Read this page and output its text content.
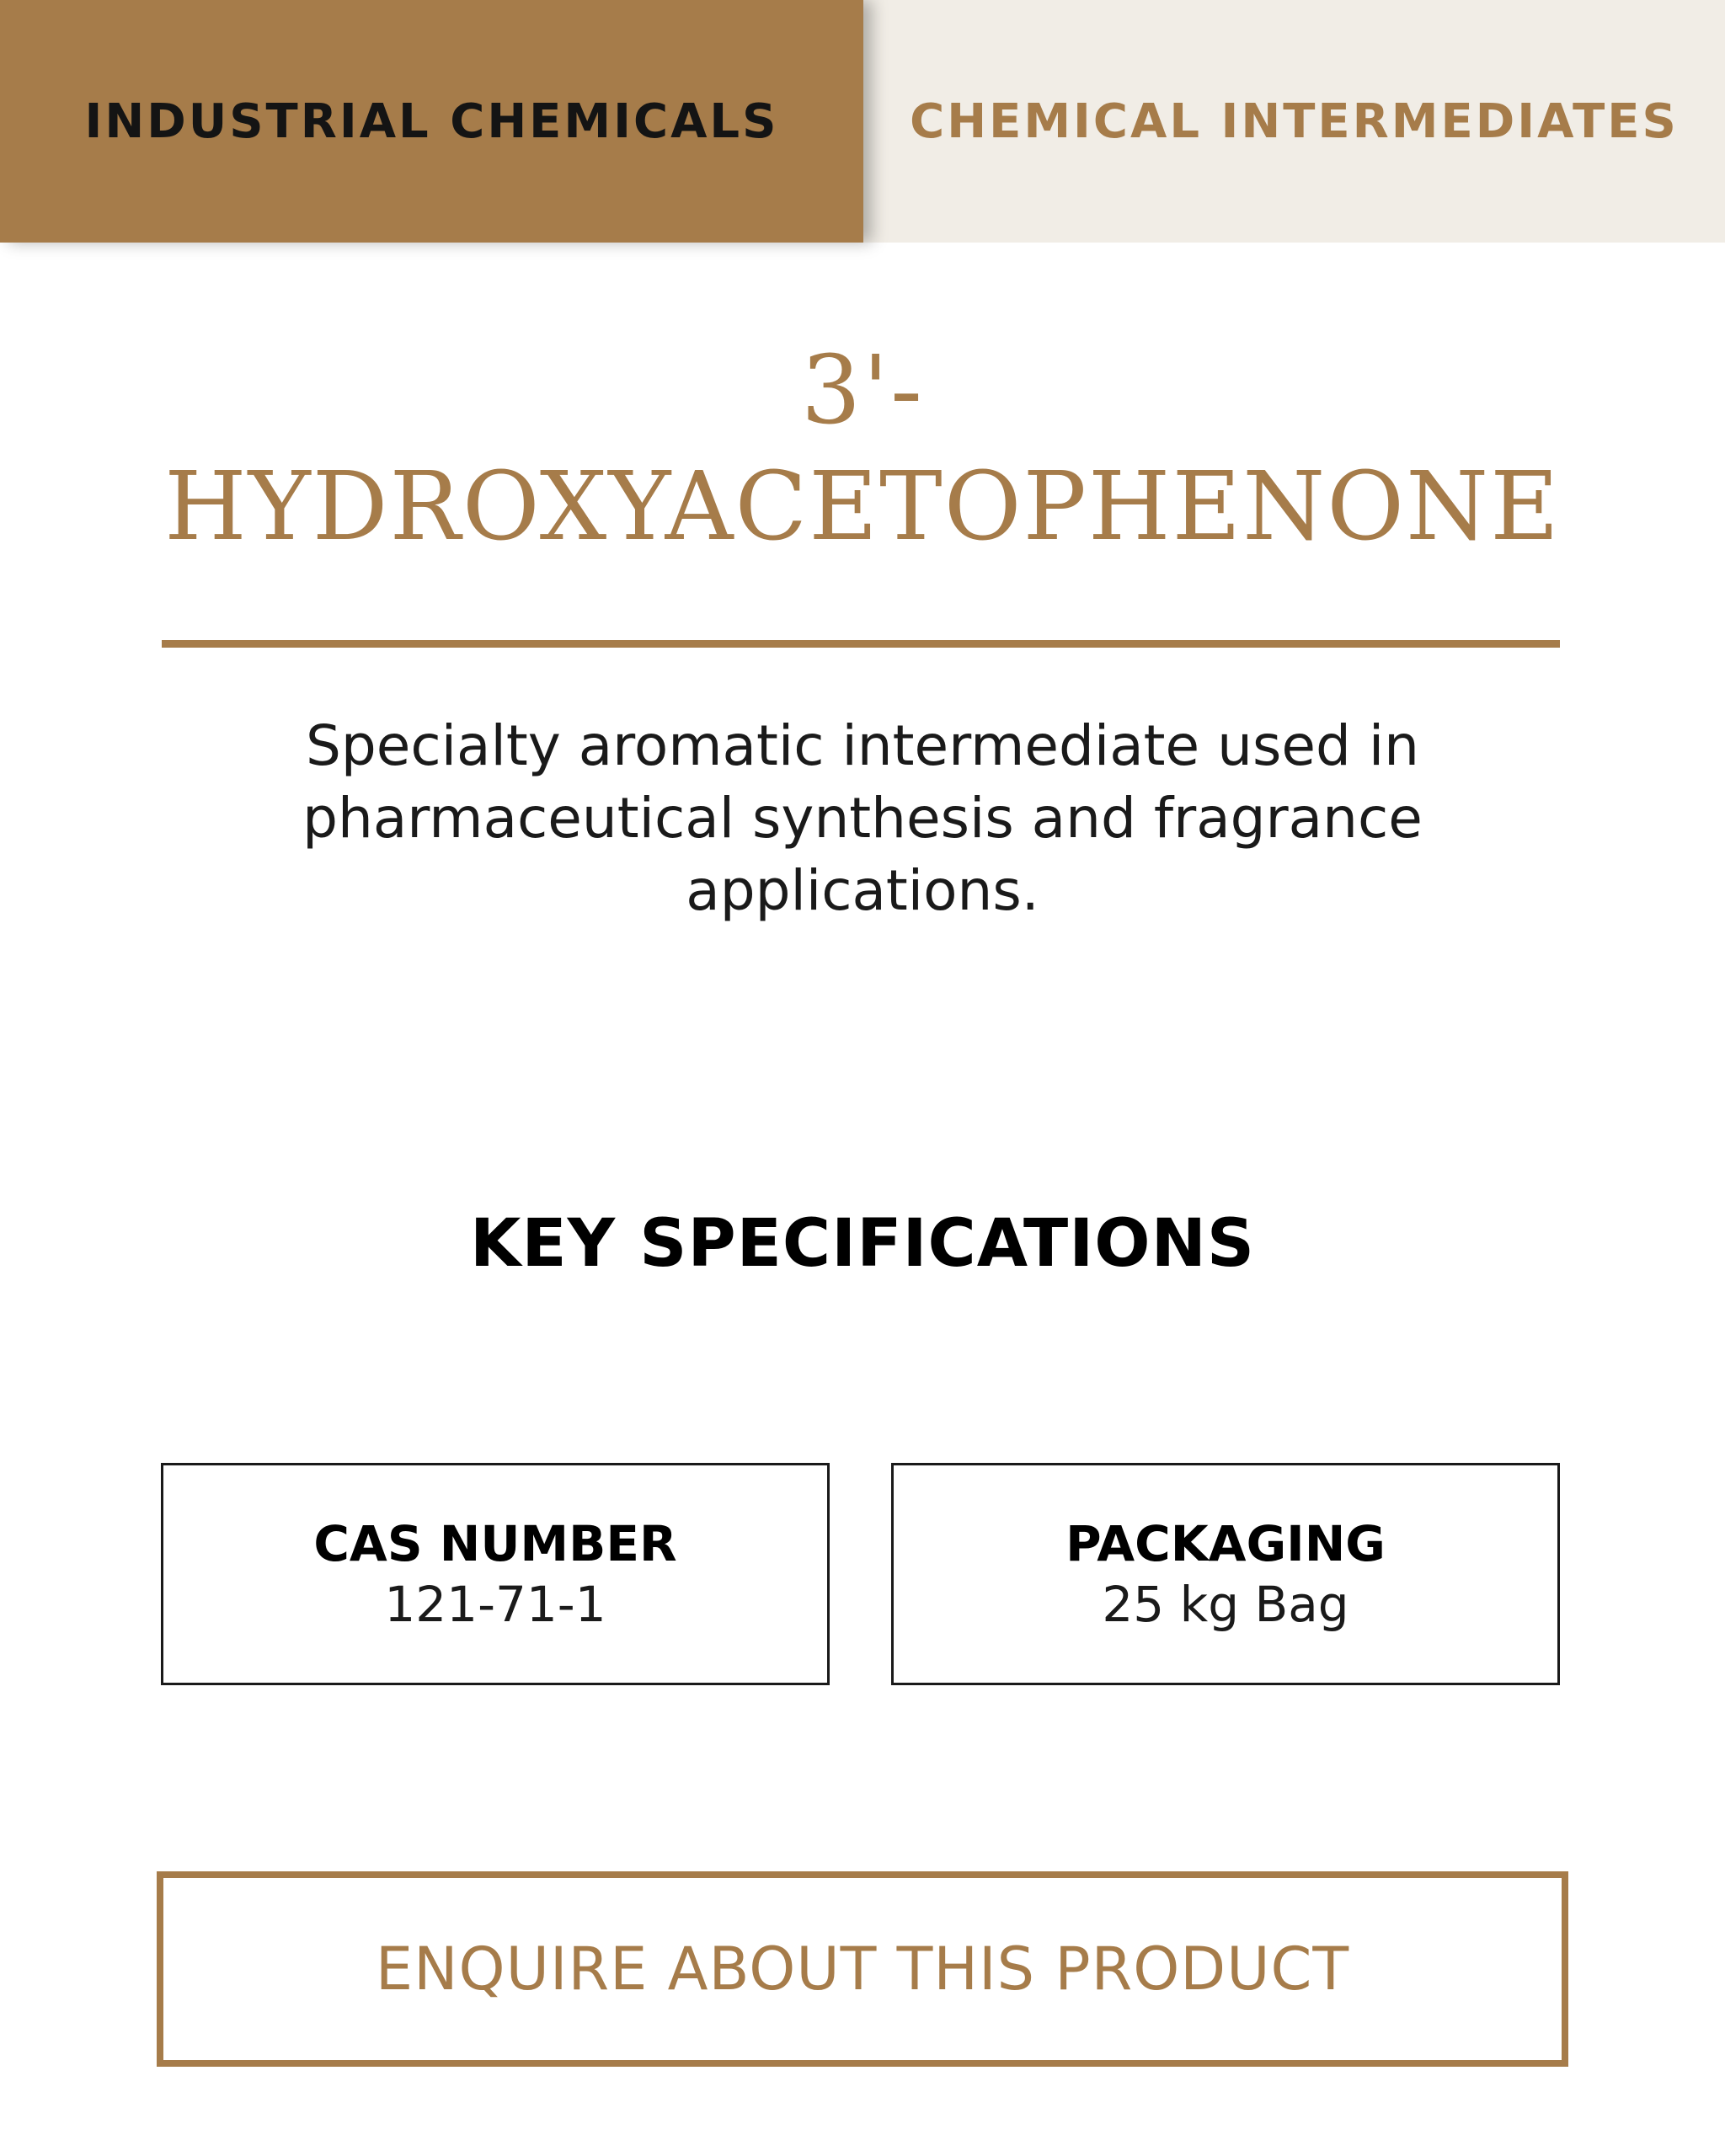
INDUSTRIAL CHEMICALS	CHEMICAL INTERMEDIATES
3'-
HYDROXYACETOPHENONE

Specialty aromatic intermediate used in pharmaceutical synthesis and fragrance applications.

KEY SPECIFICATIONS
CAS NUMBER
121-71-1
PACKAGING
25 kg Bag
ENQUIRE ABOUT THIS PRODUCT
